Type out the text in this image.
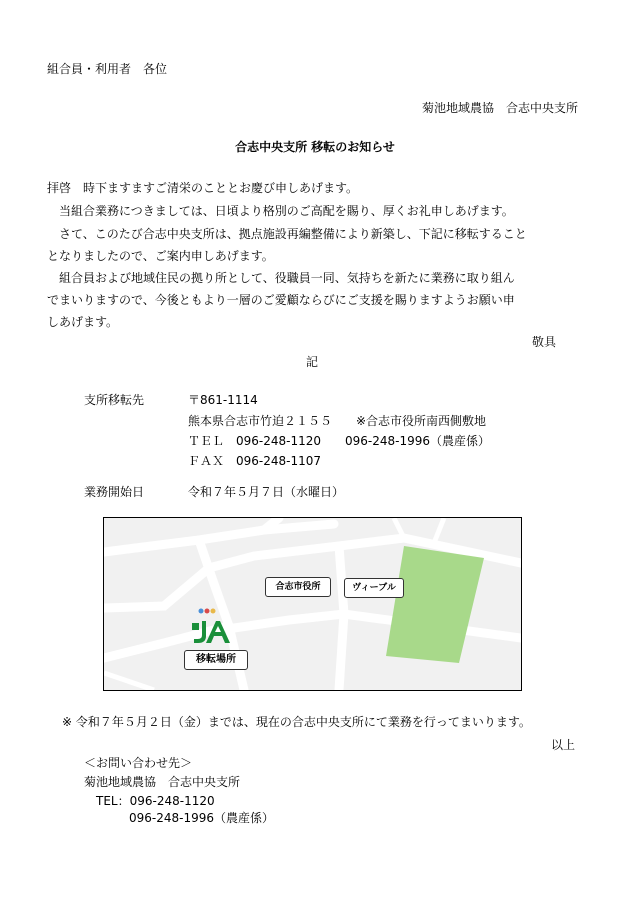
組合員・利用者　各位
菊池地域農協　合志中央支所
合志中央支所 移転のお知らせ
拝啓　時下ますますご清栄のこととお慶び申しあげます。
　当組合業務につきましては、日頃より格別のご高配を賜り、厚くお礼申しあげます。
　さて、このたび合志中央支所は、拠点施設再編整備により新築し、下記に移転すること
となりましたので、ご案内申しあげます。
　組合員および地域住民の拠り所として、役職員一同、気持ちを新たに業務に取り組ん
でまいりますので、今後ともより一層のご愛顧ならびにご支援を賜りますようお願い申
しあげます。
敬具
記
支所移転先	〒861-1114
熊本県合志市竹迫２１５５　　※合志市役所南西側敷地
ＴＥＬ　096-248-1120　　096-248-1996（農産係）
ＦＡＸ　096-248-1107
業務開始日	令和７年５月７日（水曜日）
合志市役所	ヴィーブル
移転場所
※ 令和７年５月２日（金）までは、現在の合志中央支所にて業務を行ってまいります。
以上
＜お問い合わせ先＞
菊池地域農協　合志中央支所
TEL：096-248-1120
096-248-1996（農産係）
